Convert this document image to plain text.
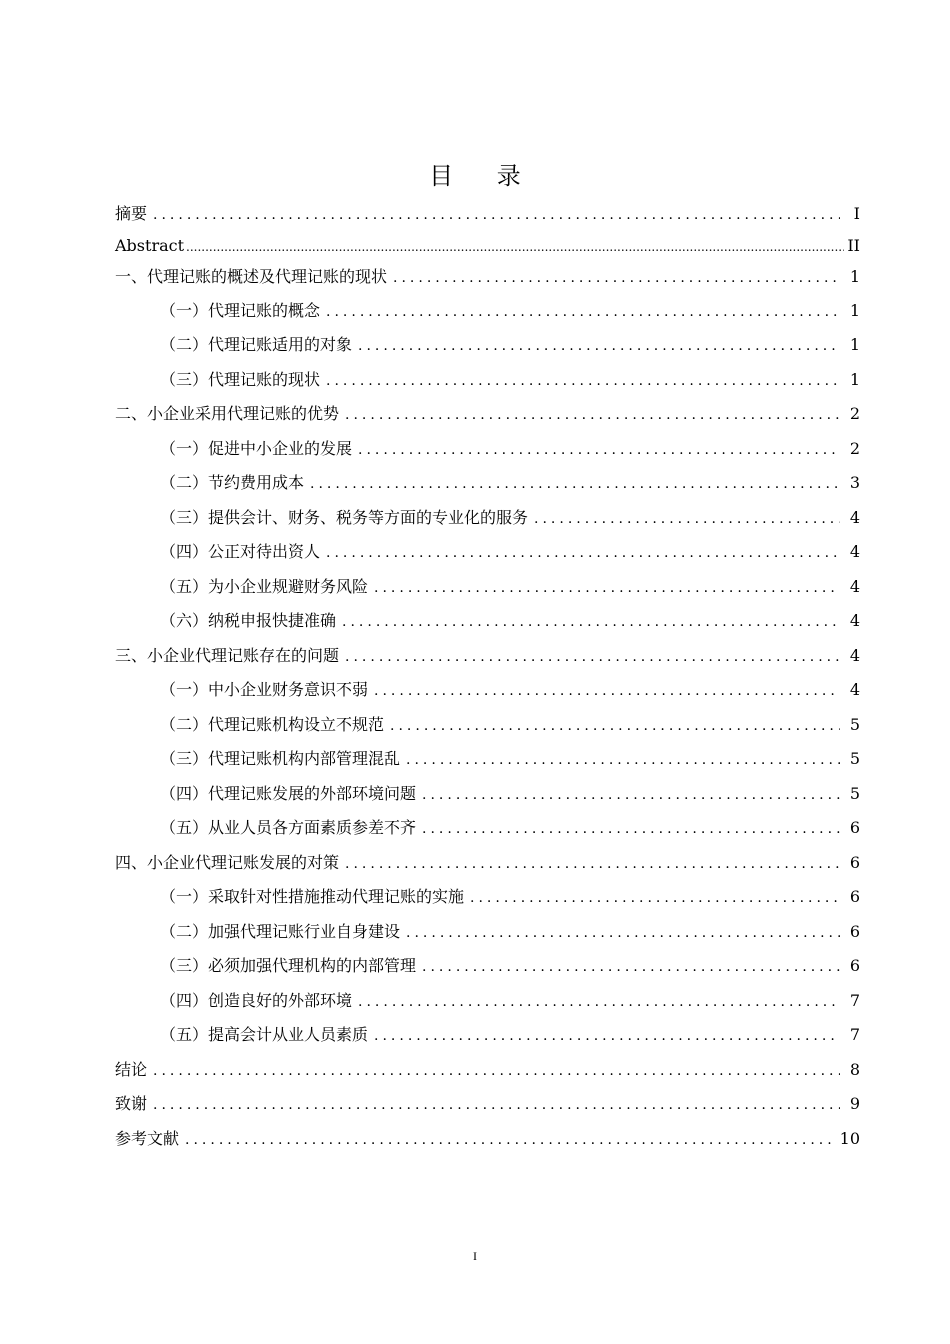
目 录
摘要 .....	I
Abstract .....	II
一、代理记账的概述及代理记账的现状 .....	1
（一）代理记账的概念 .....	1
（二）代理记账适用的对象 .....	1
（三）代理记账的现状 .....	1
二、小企业采用代理记账的优势 .....	2
（一）促进中小企业的发展 .....	2
（二）节约费用成本 .....	3
（三）提供会计、财务、税务等方面的专业化的服务 .....	4
（四）公正对待出资人 .....	4
（五）为小企业规避财务风险 .....	4
（六）纳税申报快捷准确 .....	4
三、小企业代理记账存在的问题 .....	4
（一）中小企业财务意识不弱 .....	4
（二）代理记账机构设立不规范 .....	5
（三）代理记账机构内部管理混乱 .....	5
（四）代理记账发展的外部环境问题 .....	5
（五）从业人员各方面素质参差不齐 .....	6
四、小企业代理记账发展的对策 .....	6
（一）采取针对性措施推动代理记账的实施 .....	6
（二）加强代理记账行业自身建设 .....	6
（三）必须加强代理机构的内部管理 .....	6
（四）创造良好的外部环境 .....	7
（五）提高会计从业人员素质 .....	7
结论 .....	8
致谢 .....	9
参考文献 .....	10
I
